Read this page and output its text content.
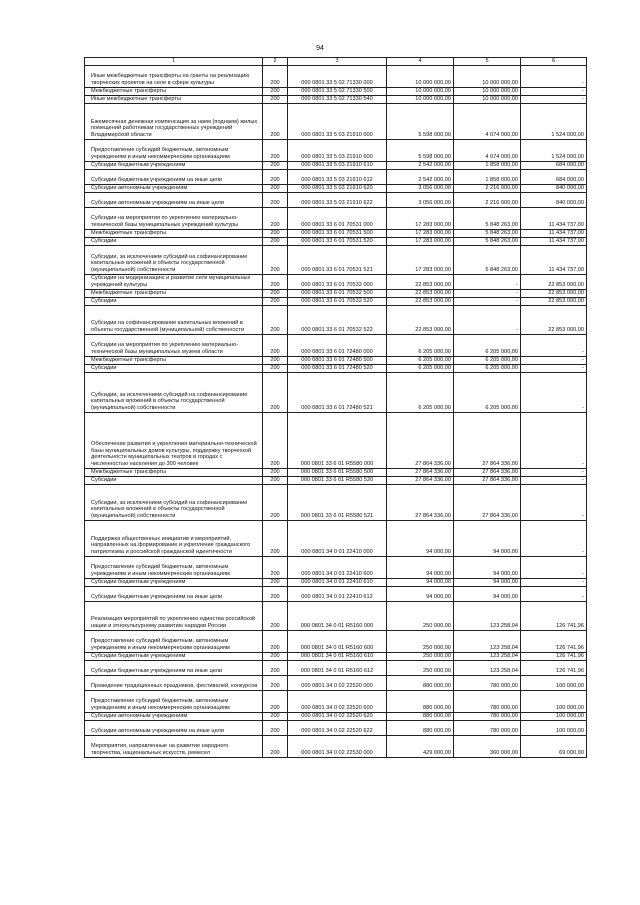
94
1	2	3	4	5	6
Иные межбюджетные трансферты на гранты на реализацию творческих проектов на селе в сфере культуры	200	000 0801 33 5 02 71330 000	10 000 000,00	10 000 000,00	-
Межбюджетные трансферты	200	000 0801 33 5 02 71330 500	10 000 000,00	10 000 000,00	-
Иные межбюджетные трансферты	200	000 0801 33 5 02 71330 540	10 000 000,00	10 000 000,00	-
Ежемесячная денежная компенсация за наем (поднаем) жилых помещений работникам государственных учреждений Владимирской области	200	000 0801 33 5 03 21910 000	5 598 000,00	4 074 000,00	1 524 000,00
Предоставление субсидий бюджетным, автономным учреждениям и иным некоммерческим организациям	200	000 0801 33 5 03 21910 600	5 598 000,00	4 074 000,00	1 524 000,00
Субсидии бюджетным учреждениям	200	000 0801 33 5 03 21910 610	2 542 000,00	1 858 000,00	684 000,00
Субсидии бюджетным учреждениям на иные цели	200	000 0801 33 5 03 21910 612	2 542 000,00	1 858 000,00	684 000,00
Субсидии автономным учреждениям	200	000 0801 33 5 03 21910 620	3 056 000,00	2 216 000,00	840 000,00
Субсидии автономным учреждениям на иные цели	200	000 0801 33 5 03 21910 622	3 056 000,00	2 216 000,00	840 000,00
Субсидии на мероприятия по укреплению материально-технической базы муниципальных учреждений культуры	200	000 0801 33 6 01 70531 000	17 283 000,00	5 848 263,00	11 434 737,00
Межбюджетные трансферты	200	000 0801 33 6 01 70531 500	17 283 000,00	5 848 263,00	11 434 737,00
Субсидии	200	000 0801 33 6 01 70531 520	17 283 000,00	5 848 263,00	11 434 737,00
Субсидии, за исключением субсидий на софинансирование капитальных вложений в объекты государственной (муниципальной) собственности	200	000 0801 33 6 01 70531 521	17 283 000,00	5 848 263,00	11 434 737,00
Субсидии на модернизацию и развитие сети муниципальных учреждений культуры	200	000 0801 33 6 01 70532 000	22 853 000,00	-	22 853 000,00
Межбюджетные трансферты	200	000 0801 33 6 01 70532 500	22 853 000,00	-	22 853 000,00
Субсидии	200	000 0801 33 6 01 70532 520	22 853 000,00	-	22 853 000,00
Субсидии на софинансирование капитальных вложений в объекты государственной (муниципальной) собственности	200	000 0801 33 6 01 70532 522	22 853 000,00	-	22 853 000,00
Субсидии на мероприятия по укреплению материально-технической базы муниципальных музеев области	200	000 0801 33 6 01 72480 000	6 205 000,00	6 205 000,00	-
Межбюджетные трансферты	200	000 0801 33 6 01 72480 500	6 205 000,00	6 205 000,00	-
Субсидии	200	000 0801 33 6 01 72480 520	6 205 000,00	6 205 000,00	-
Субсидии, за исключением субсидий на софинансирование капитальных вложений в объекты государственной (муниципальной) собственности	200	000 0801 33 6 01 72480 521	6 205 000,00	6 205 000,00	-
Обеспечение развития и укрепления материально-технической базы муниципальных домов культуры, поддержку творческой деятельности муниципальных театров в городах с численностью населения до 300 человек	200	000 0801 33 6 01 R5580 000	27 864 336,00	27 864 336,00	-
Межбюджетные трансферты	200	000 0801 33 6 01 R5580 500	27 864 336,00	27 864 336,00	-
Субсидии	200	000 0801 33 6 01 R5580 520	27 864 336,00	27 864 336,00	-
Субсидии, за исключением субсидий на софинансирование капитальных вложений в объекты государственной (муниципальной) собственности	200	000 0801 33 6 01 R5580 521	27 864 336,00	27 864 336,00	-
Поддержка общественных инициатив и мероприятий, направленных на формирование и укрепление гражданского патриотизма и российской гражданской идентичности	200	000 0801 34 0 01 22410 000	94 000,00	94 000,00	-
Предоставление субсидий бюджетным, автономным учреждениям и иным некоммерческим организациям	200	000 0801 34 0 01 22410 600	94 000,00	94 000,00	-
Субсидии бюджетным учреждениям	200	000 0801 34 0 01 22410 610	94 000,00	94 000,00	-
Субсидии бюджетным учреждениям на иные цели	200	000 0801 34 0 01 22410 612	94 000,00	94 000,00	-
Реализация мероприятий по укреплению единства российской нации и этнокультурному развитию народов России	200	000 0801 34 0 01 R5160 000	250 000,00	123 258,04	126 741,96
Предоставление субсидий бюджетным, автономным учреждениям и иным некоммерческим организациям	200	000 0801 34 0 01 R5160 600	250 000,00	123 258,04	126 741,96
Субсидии бюджетным учреждениям	200	000 0801 34 0 01 R5160 610	250 000,00	123 258,04	126 741,96
Субсидии бюджетным учреждениям на иные цели	200	000 0801 34 0 01 R5160 612	250 000,00	123 258,04	126 741,96
Проведение традиционных праздников, фестивалей, конкурсов	200	000 0801 34 0 02 22520 000	880 000,00	780 000,00	100 000,00
Предоставление субсидий бюджетным, автономным учреждениям и иным некоммерческим организациям	200	000 0801 34 0 02 22520 600	880 000,00	780 000,00	100 000,00
Субсидии автономным учреждениям	200	000 0801 34 0 02 22520 620	880 000,00	780 000,00	100 000,00
Субсидии автономным учреждениям на иные цели	200	000 0801 34 0 02 22520 622	880 000,00	780 000,00	100 000,00
Мероприятия, направленные на развитие народного творчества, национальных искусств, ремесел	200	000 0801 34 0 02 22530 000	429 000,00	360 000,00	69 000,00
